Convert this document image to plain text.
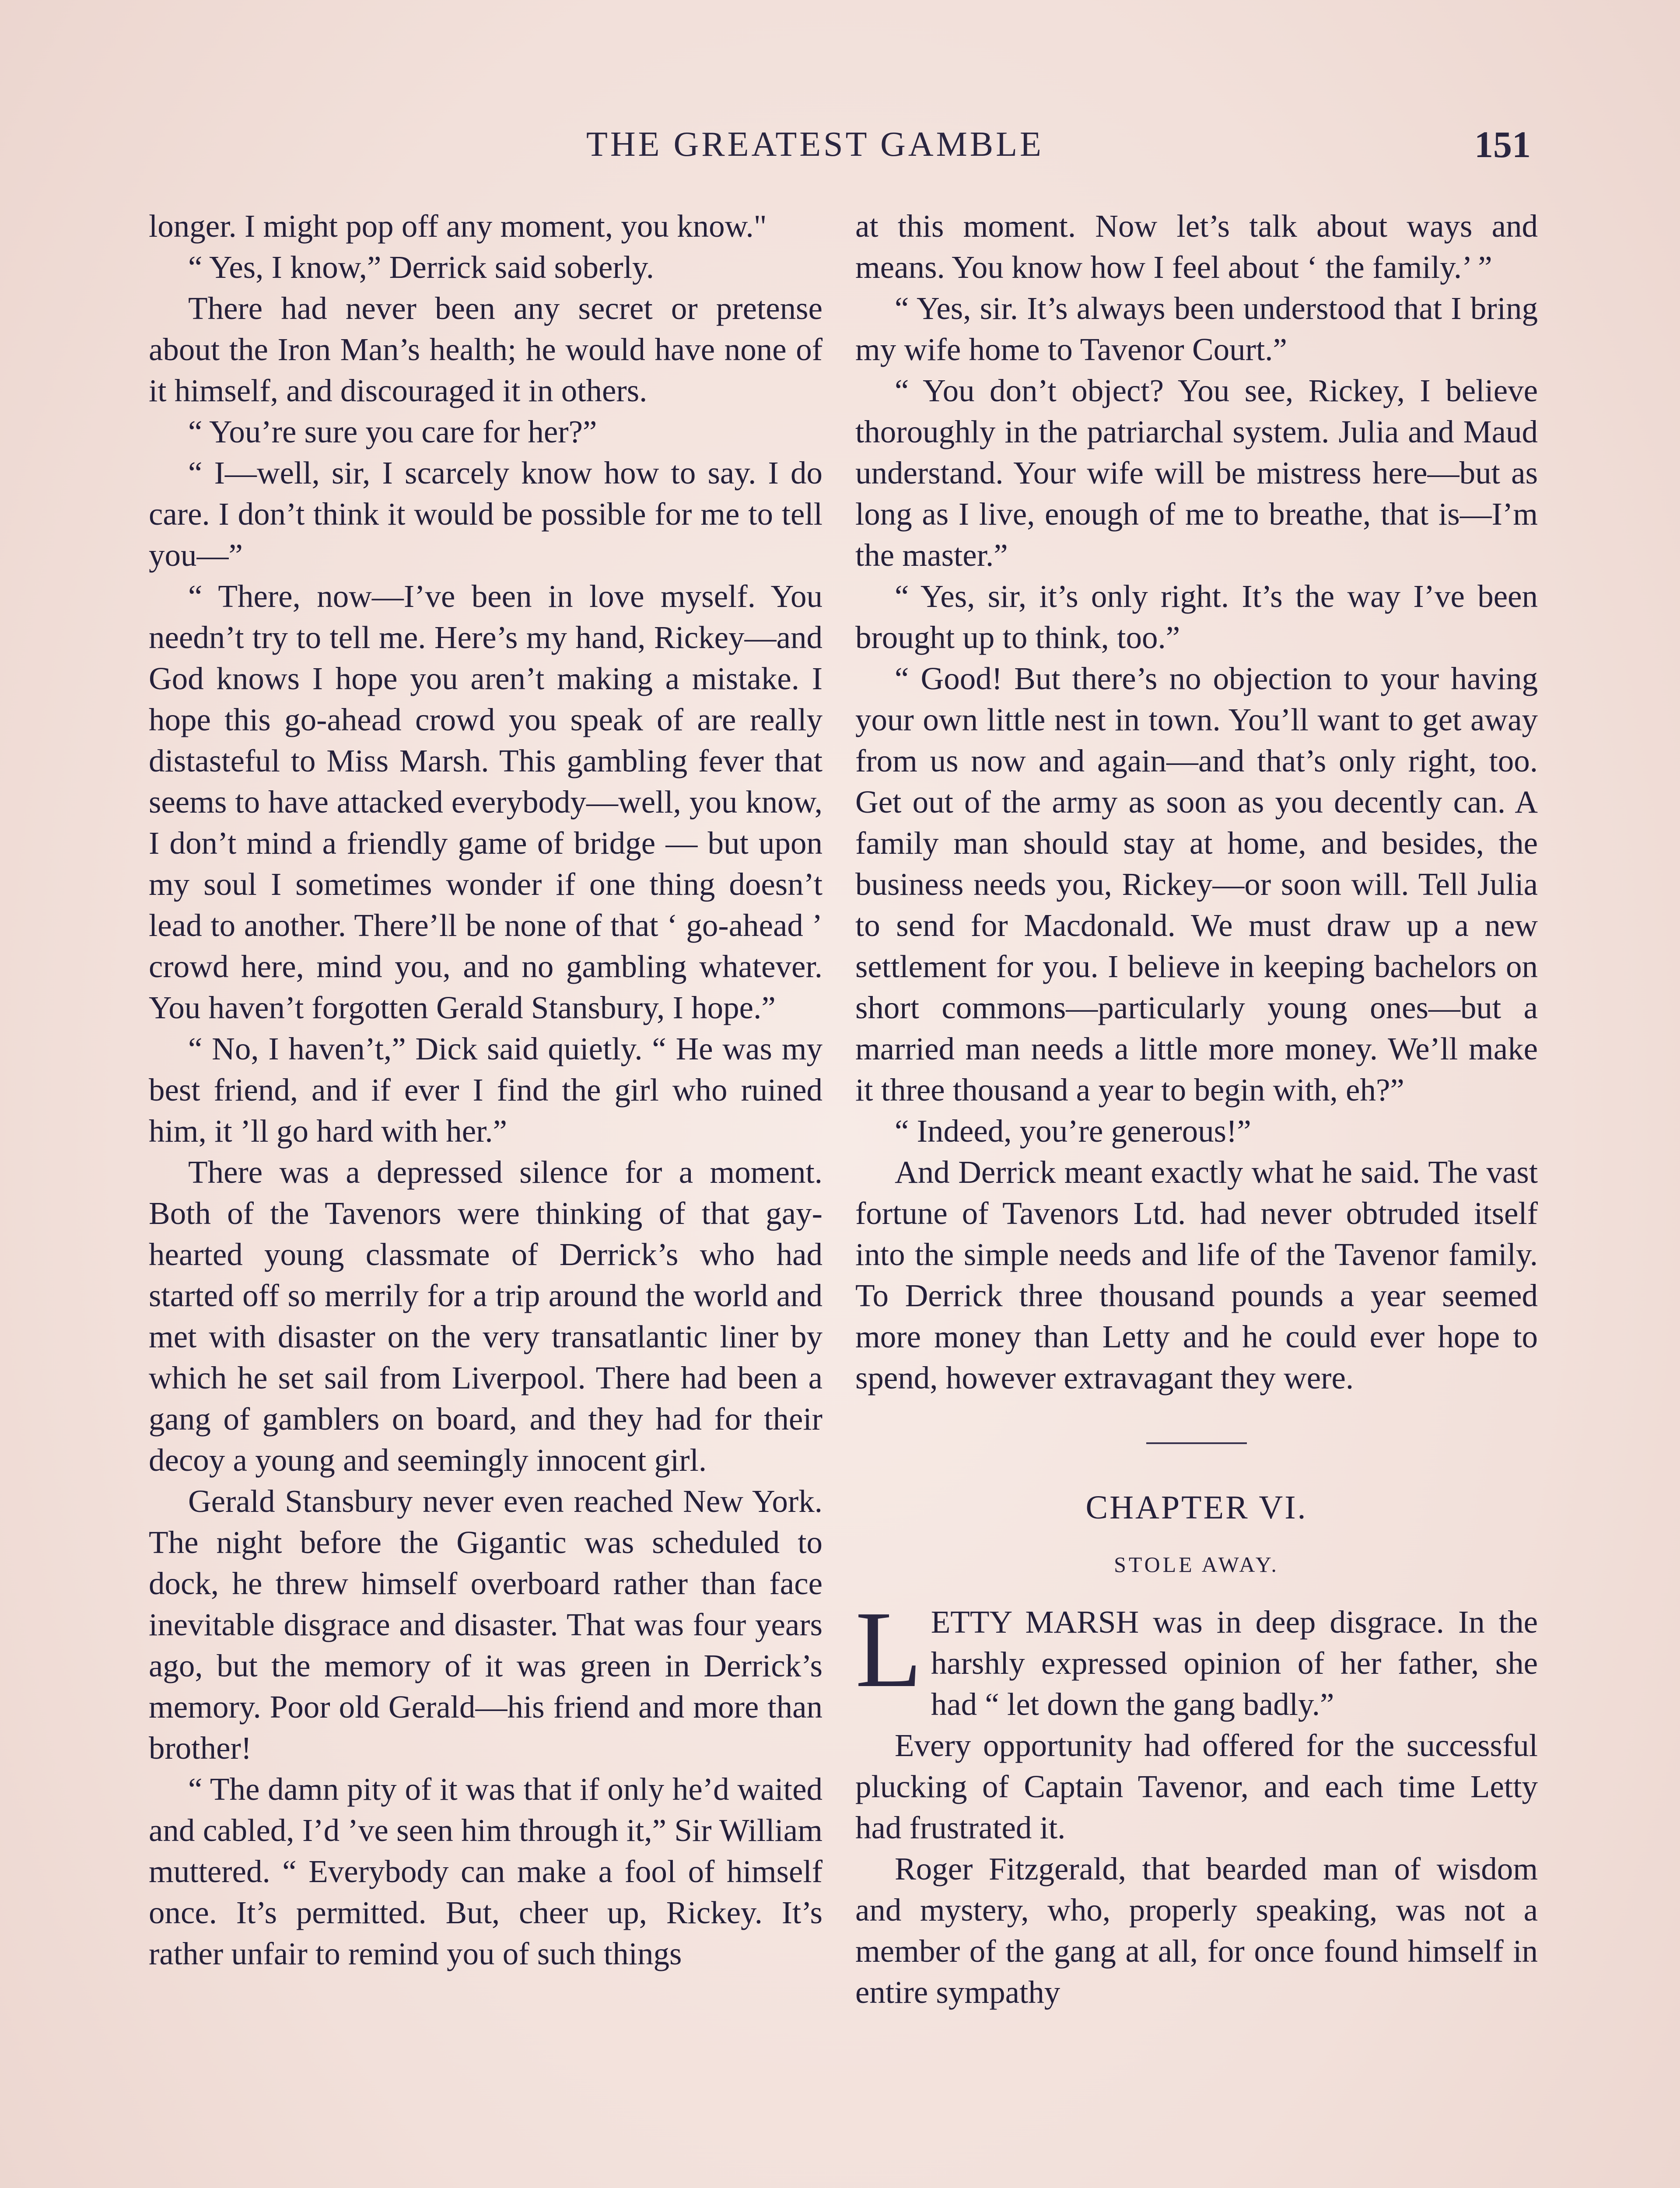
THE GREATEST GAMBLE	151

longer. I might pop off any moment, you know."

“ Yes, I know,” Derrick said soberly.

There had never been any secret or pretense about the Iron Man’s health; he would have none of it himself, and discouraged it in others.

“ You’re sure you care for her?”

“ I—well, sir, I scarcely know how to say. I do care. I don’t think it would be possible for me to tell you—”

“ There, now—I’ve been in love myself. You needn’t try to tell me. Here’s my hand, Rickey—and God knows I hope you aren’t making a mistake. I hope this go-ahead crowd you speak of are really distasteful to Miss Marsh. This gambling fever that seems to have attacked everybody—well, you know, I don’t mind a friendly game of bridge — but upon my soul I sometimes wonder if one thing doesn’t lead to another. There’ll be none of that ‘ go-ahead ’ crowd here, mind you, and no gambling whatever. You haven’t forgotten Gerald Stansbury, I hope.”

“ No, I haven’t,” Dick said quietly. “ He was my best friend, and if ever I find the girl who ruined him, it ’ll go hard with her.”

There was a depressed silence for a moment. Both of the Tavenors were thinking of that gay-hearted young classmate of Derrick’s who had started off so merrily for a trip around the world and met with disaster on the very transatlantic liner by which he set sail from Liverpool. There had been a gang of gamblers on board, and they had for their decoy a young and seemingly innocent girl.

Gerald Stansbury never even reached New York. The night before the Gigantic was scheduled to dock, he threw himself overboard rather than face inevitable disgrace and disaster. That was four years ago, but the memory of it was green in Derrick’s memory. Poor old Gerald—his friend and more than brother!

“ The damn pity of it was that if only he’d waited and cabled, I’d ’ve seen him through it,” Sir William muttered. “ Everybody can make a fool of himself once. It’s permitted. But, cheer up, Rickey. It’s rather unfair to remind you of such things

at this moment. Now let’s talk about ways and means. You know how I feel about ‘ the family.’ ”

“ Yes, sir. It’s always been understood that I bring my wife home to Tavenor Court.”

“ You don’t object? You see, Rickey, I believe thoroughly in the patriarchal system. Julia and Maud understand. Your wife will be mistress here—but as long as I live, enough of me to breathe, that is—I’m the master.”

“ Yes, sir, it’s only right. It’s the way I’ve been brought up to think, too.”

“ Good! But there’s no objection to your having your own little nest in town. You’ll want to get away from us now and again—and that’s only right, too. Get out of the army as soon as you decently can. A family man should stay at home, and besides, the business needs you, Rickey—or soon will. Tell Julia to send for Macdonald. We must draw up a new settlement for you. I believe in keeping bachelors on short commons—particularly young ones—but a married man needs a little more money. We’ll make it three thousand a year to begin with, eh?”

“ Indeed, you’re generous!”

And Derrick meant exactly what he said. The vast fortune of Tavenors Ltd. had never obtruded itself into the simple needs and life of the Tavenor family. To Derrick three thousand pounds a year seemed more money than Letty and he could ever hope to spend, however extravagant they were.

CHAPTER VI.
STOLE AWAY.

LETTY MARSH was in deep disgrace. In the harshly expressed opinion of her father, she had “ let down the gang badly.”

Every opportunity had offered for the successful plucking of Captain Tavenor, and each time Letty had frustrated it.

Roger Fitzgerald, that bearded man of wisdom and mystery, who, properly speaking, was not a member of the gang at all, for once found himself in entire sympathy
